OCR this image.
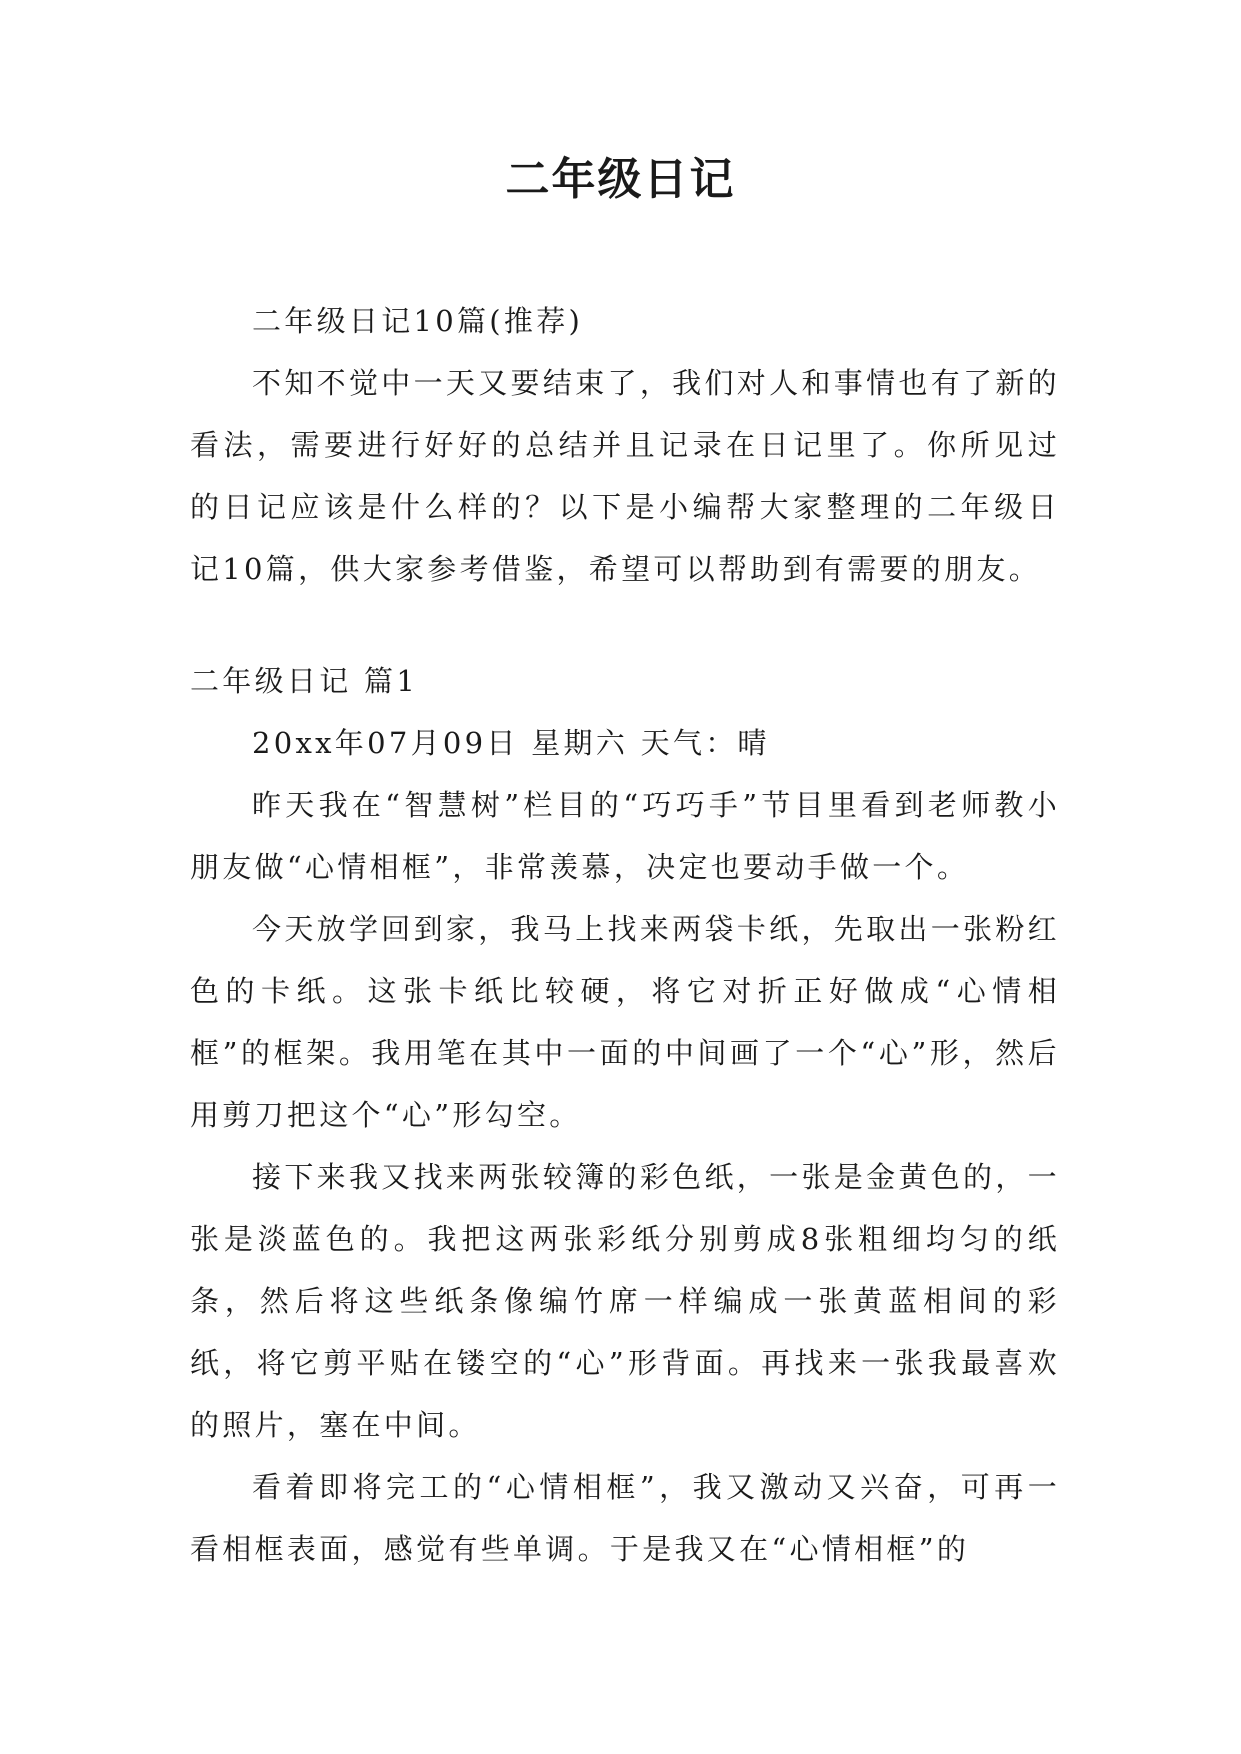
二年级日记

二年级日记10篇(推荐)

不知不觉中一天又要结束了，我们对人和事情也有了新的看法，需要进行好好的总结并且记录在日记里了。你所见过的日记应该是什么样的？以下是小编帮大家整理的二年级日记10篇，供大家参考借鉴，希望可以帮助到有需要的朋友。

二年级日记 篇1

20xx年07月09日 星期六 天气：晴

昨天我在“智慧树”栏目的“巧巧手”节目里看到老师教小朋友做“心情相框”，非常羡慕，决定也要动手做一个。

今天放学回到家，我马上找来两袋卡纸，先取出一张粉红色的卡纸。这张卡纸比较硬，将它对折正好做成“心情相框”的框架。我用笔在其中一面的中间画了一个“心”形，然后用剪刀把这个“心”形勾空。

接下来我又找来两张较簿的彩色纸，一张是金黄色的，一张是淡蓝色的。我把这两张彩纸分别剪成8张粗细均匀的纸条，然后将这些纸条像编竹席一样编成一张黄蓝相间的彩纸，将它剪平贴在镂空的“心”形背面。再找来一张我最喜欢的照片，塞在中间。

看着即将完工的“心情相框”，我又激动又兴奋，可再一看相框表面，感觉有些单调。于是我又在“心情相框”的
